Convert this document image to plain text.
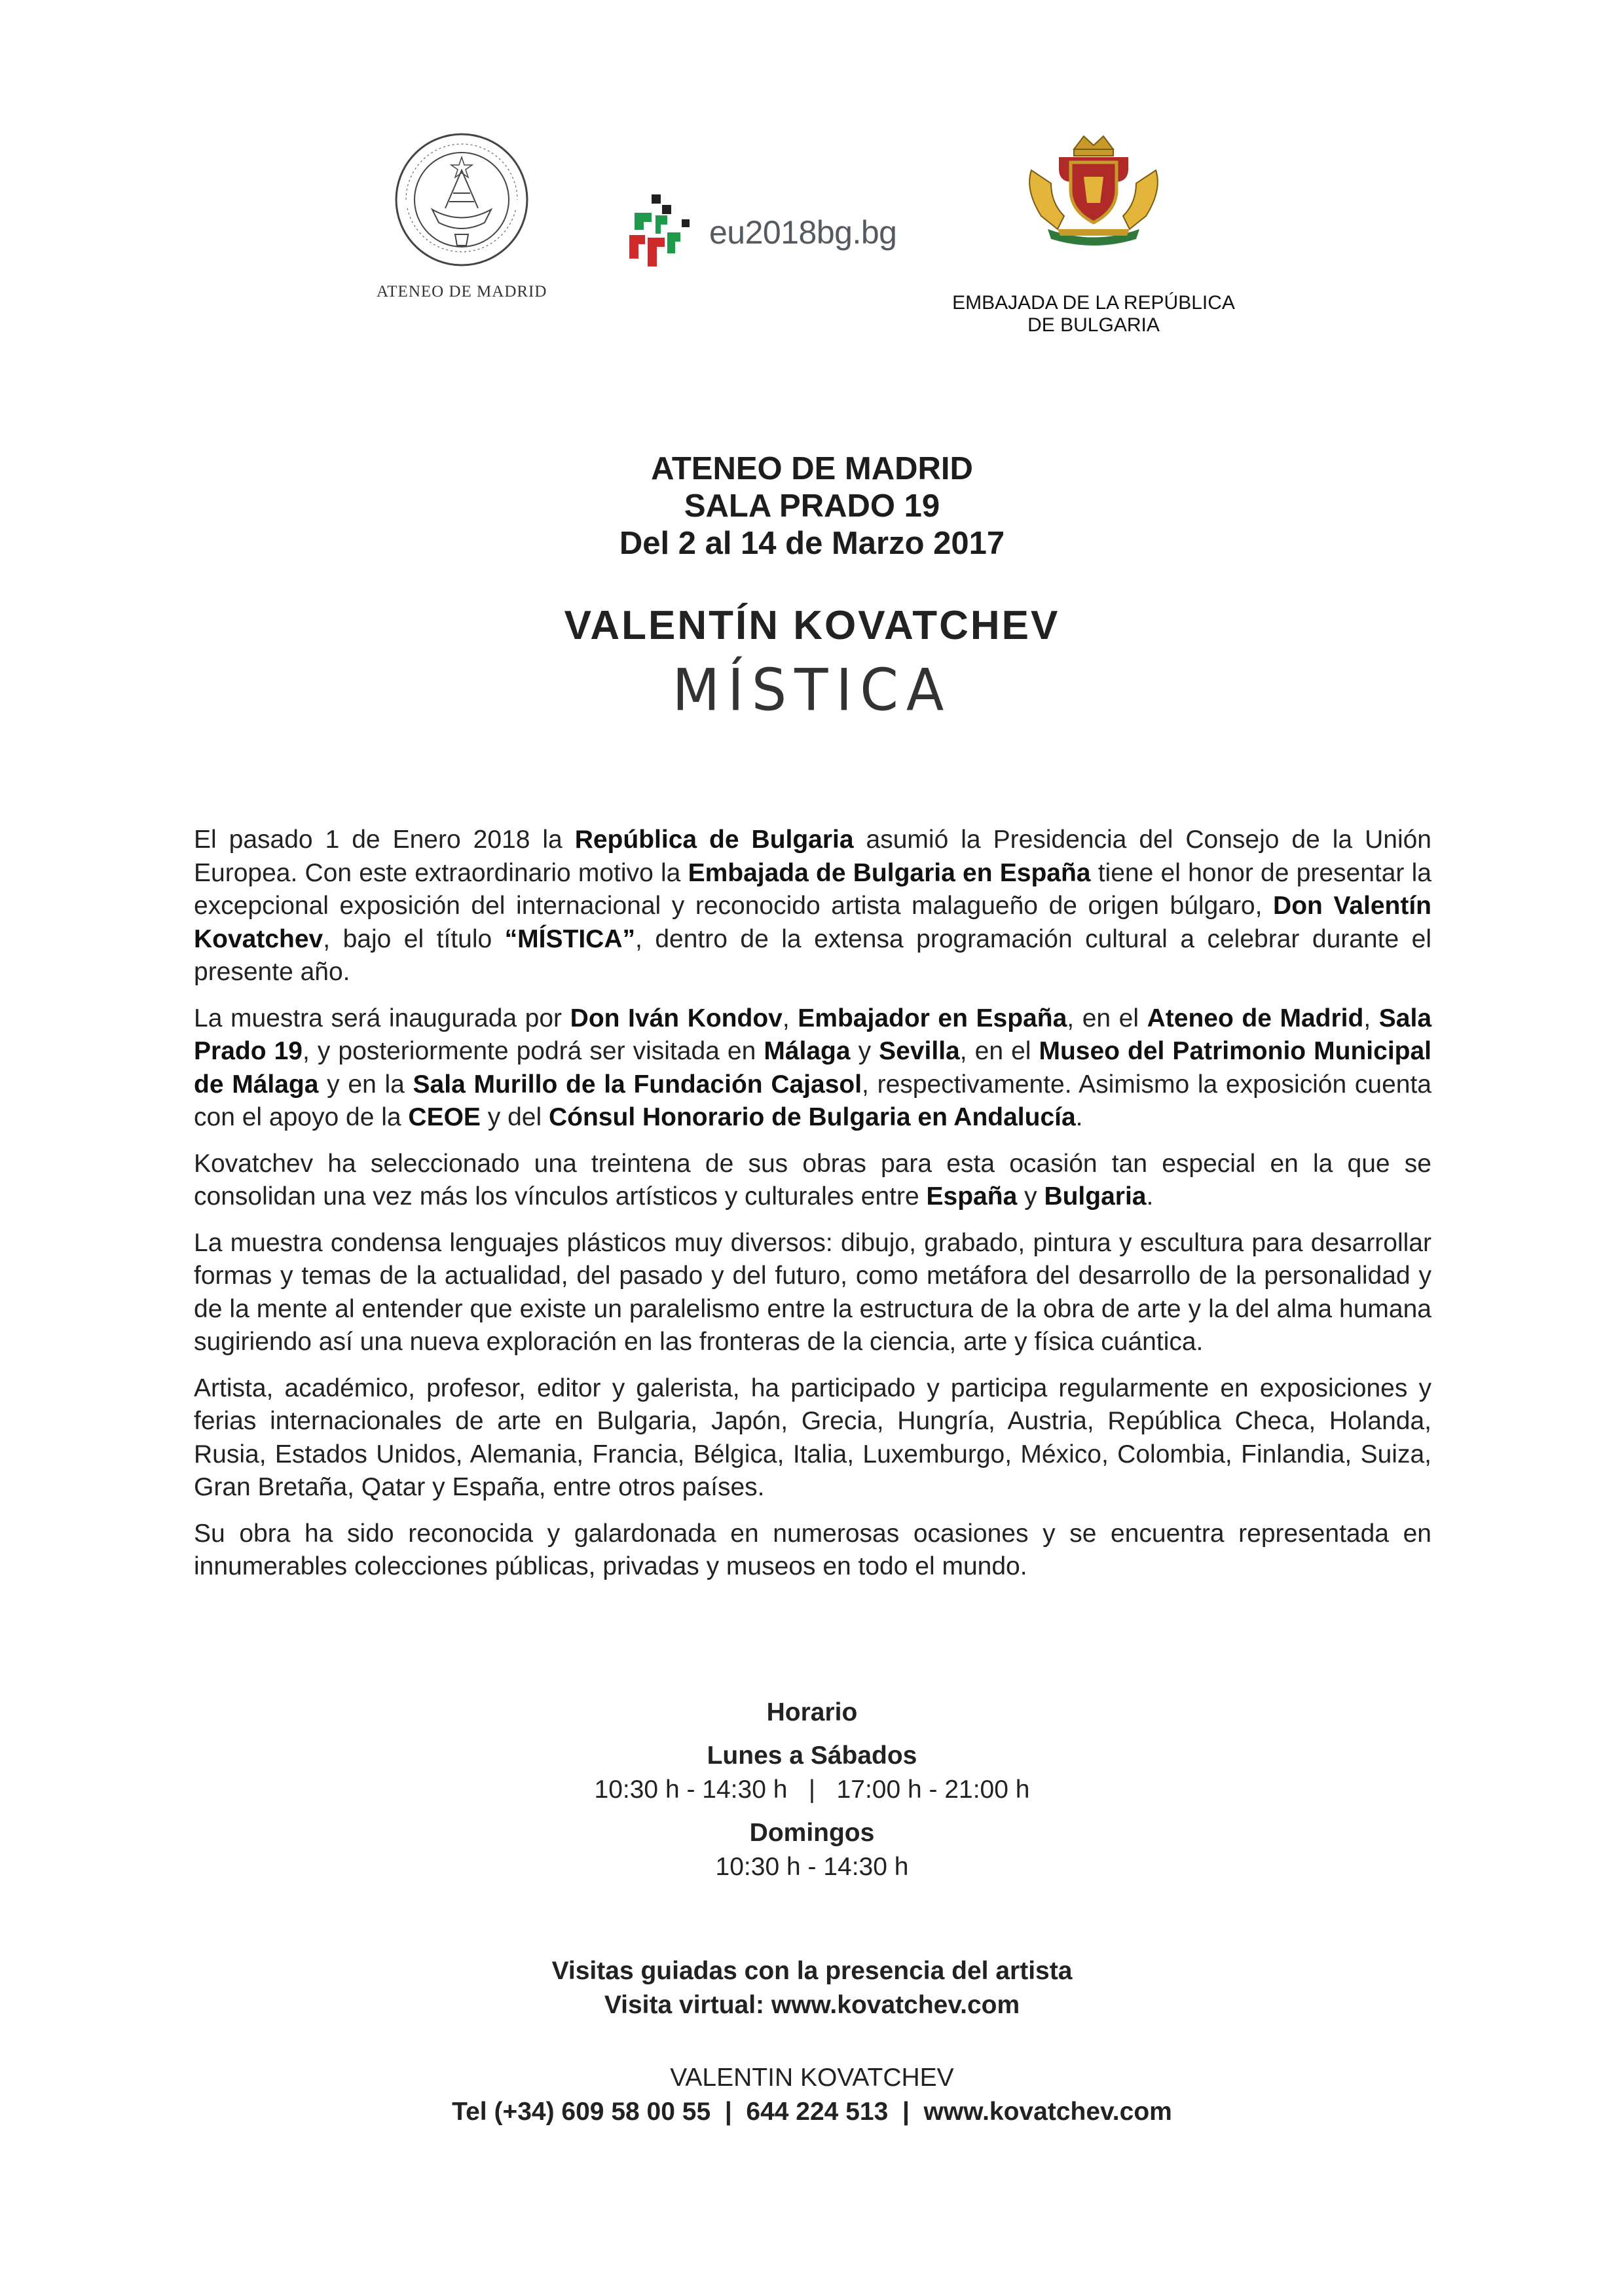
ATENEO DE MADRID
eu2018bg.bg
EMBAJADA DE LA REPÚBLICA DE BULGARIA
ATENEO DE MADRID
SALA PRADO 19
Del 2 al 14 de Marzo 2017
VALENTÍN KOVATCHEV
MÍSTICA

El pasado 1 de Enero 2018 la República de Bulgaria asumió la Presidencia del Consejo de la Unión Europea. Con este extraordinario motivo la Embajada de Bulgaria en España tiene el honor de presentar la excepcional exposición del internacional y reconocido artista malagueño de origen búlgaro, Don Valentín Kovatchev, bajo el título “MÍSTICA”, dentro de la extensa programación cultural a celebrar durante el presente año.

La muestra será inaugurada por Don Iván Kondov, Embajador en España, en el Ateneo de Madrid, Sala Prado 19, y posteriormente podrá ser visitada en Málaga y Sevilla, en el Museo del Patrimonio Municipal de Málaga y en la Sala Murillo de la Fundación Cajasol, respectivamente. Asimismo la exposición cuenta con el apoyo de la CEOE y del Cónsul Honorario de Bulgaria en Andalucía.

Kovatchev ha seleccionado una treintena de sus obras para esta ocasión tan especial en la que se consolidan una vez más los vínculos artísticos y culturales entre España y Bulgaria.

La muestra condensa lenguajes plásticos muy diversos: dibujo, grabado, pintura y escultura para desarrollar formas y temas de la actualidad, del pasado y del futuro, como metáfora del desarrollo de la personalidad y de la mente al entender que existe un paralelismo entre la estructura de la obra de arte y la del alma humana sugiriendo así una nueva exploración en las fronteras de la ciencia, arte y física cuántica.

Artista, académico, profesor, editor y galerista, ha participado y participa regularmente en exposiciones y ferias internacionales de arte en Bulgaria, Japón, Grecia, Hungría, Austria, República Checa, Holanda, Rusia, Estados Unidos, Alemania, Francia, Bélgica, Italia, Luxemburgo, México, Colombia, Finlandia, Suiza, Gran Bretaña, Qatar y España, entre otros países.

Su obra ha sido reconocida y galardonada en numerosas ocasiones y se encuentra representada en innumerables colecciones públicas, privadas y museos en todo el mundo.

Horario
Lunes a Sábados
10:30 h - 14:30 h   |   17:00 h - 21:00 h
Domingos
10:30 h - 14:30 h
Visitas guiadas con la presencia del artista
Visita virtual: www.kovatchev.com
VALENTIN KOVATCHEV
Tel (+34) 609 58 00 55  |  644 224 513  |  www.kovatchev.com
